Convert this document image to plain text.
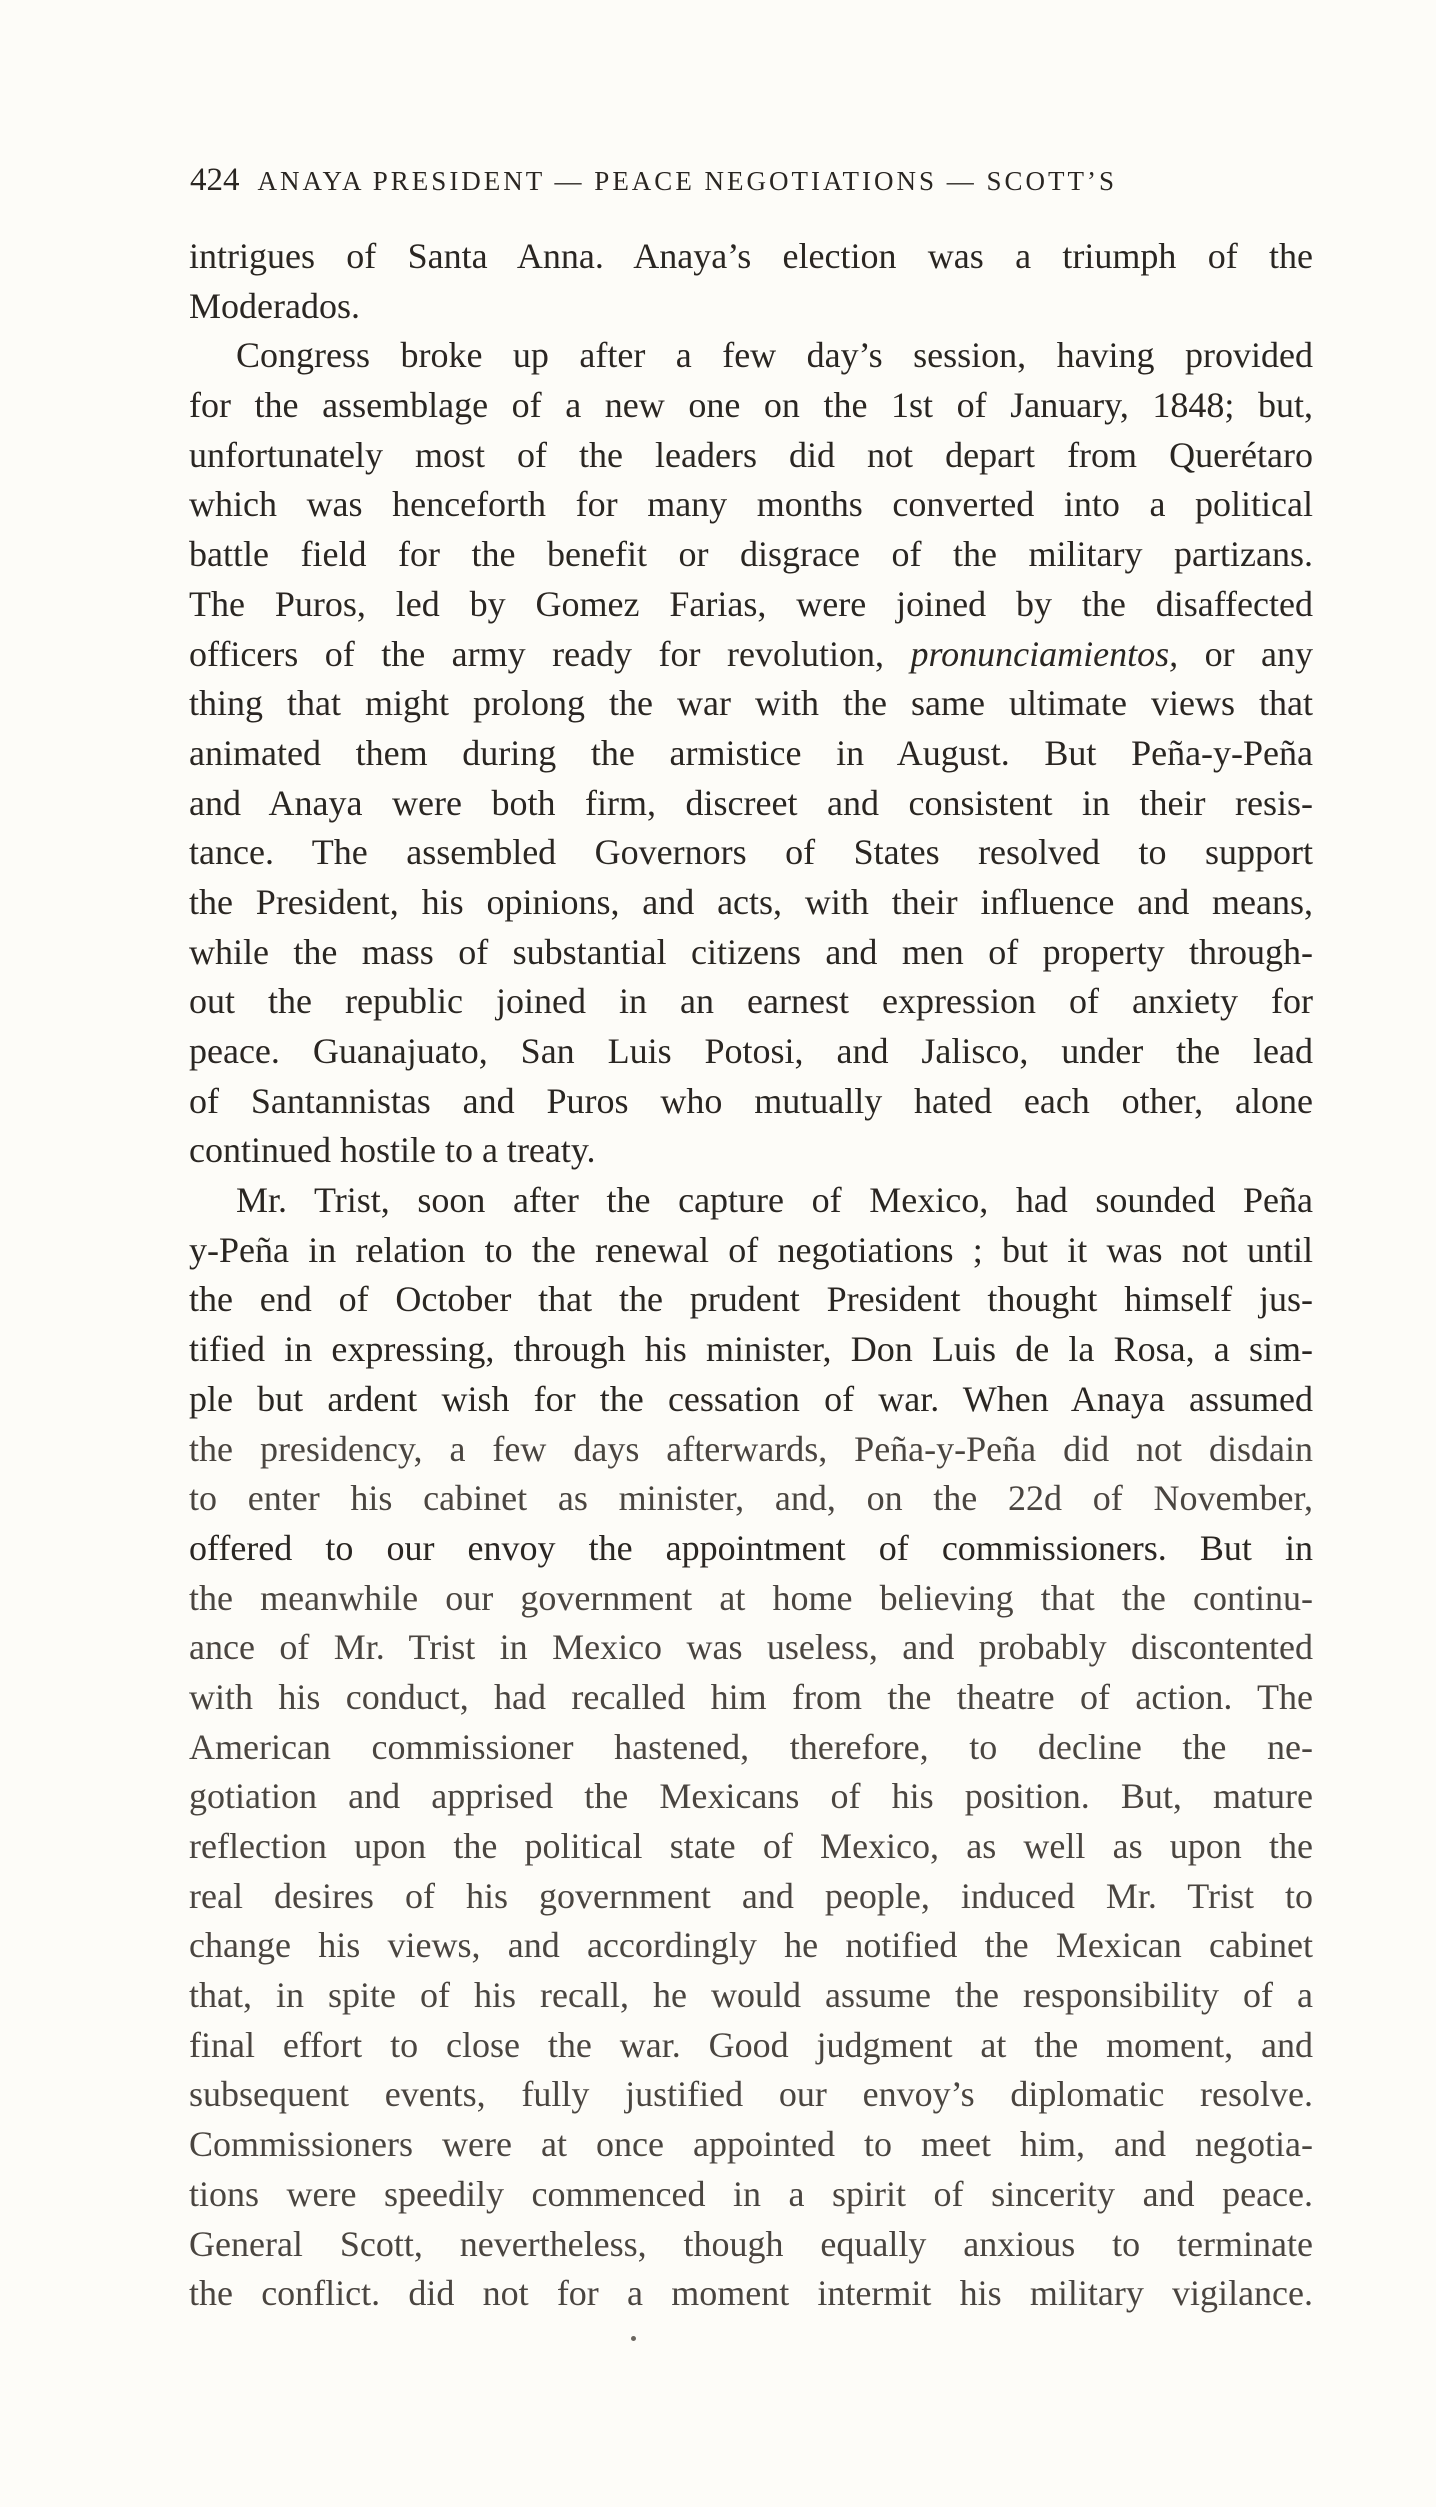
424 ANAYA PRESIDENT — PEACE NEGOTIATIONS — SCOTT’S
intrigues of Santa Anna. Anaya’s election was a triumph of the
Moderados.
Congress broke up after a few day’s session, having provided
for the assemblage of a new one on the 1st of January, 1848; but,
unfortunately most of the leaders did not depart from Querétaro
which was henceforth for many months converted into a political
battle field for the benefit or disgrace of the military partizans.
The Puros, led by Gomez Farias, were joined by the disaffected
officers of the army ready for revolution, pronunciamientos, or any
thing that might prolong the war with the same ultimate views that
animated them during the armistice in August. But Peña-y-Peña
and Anaya were both firm, discreet and consistent in their resis-
tance. The assembled Governors of States resolved to support
the President, his opinions, and acts, with their influence and means,
while the mass of substantial citizens and men of property through-
out the republic joined in an earnest expression of anxiety for
peace. Guanajuato, San Luis Potosi, and Jalisco, under the lead
of Santannistas and Puros who mutually hated each other, alone
continued hostile to a treaty.
Mr. Trist, soon after the capture of Mexico, had sounded Peña
y-Peña in relation to the renewal of negotiations ; but it was not until
the end of October that the prudent President thought himself jus-
tified in expressing, through his minister, Don Luis de la Rosa, a sim-
ple but ardent wish for the cessation of war. When Anaya assumed
the presidency, a few days afterwards, Peña-y-Peña did not disdain
to enter his cabinet as minister, and, on the 22d of November,
offered to our envoy the appointment of commissioners. But in
the meanwhile our government at home believing that the continu-
ance of Mr. Trist in Mexico was useless, and probably discontented
with his conduct, had recalled him from the theatre of action. The
American commissioner hastened, therefore, to decline the ne-
gotiation and apprised the Mexicans of his position. But, mature
reflection upon the political state of Mexico, as well as upon the
real desires of his government and people, induced Mr. Trist to
change his views, and accordingly he notified the Mexican cabinet
that, in spite of his recall, he would assume the responsibility of a
final effort to close the war. Good judgment at the moment, and
subsequent events, fully justified our envoy’s diplomatic resolve.
Commissioners were at once appointed to meet him, and negotia-
tions were speedily commenced in a spirit of sincerity and peace.
General Scott, nevertheless, though equally anxious to terminate
the conflict. did not for a moment intermit his military vigilance.
